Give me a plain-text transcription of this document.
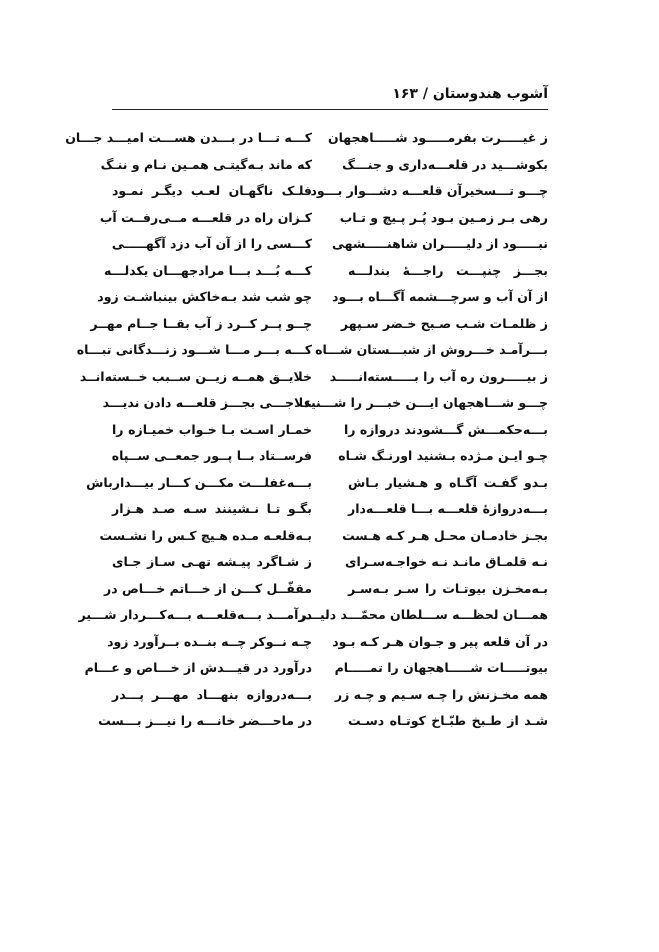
آشوب هندوستان / ۱۶۳
ز غیـــــرت بفرمـــــود شـــــاهجهان
کـــه تـــا در بـــدن هســـت امیـــد جـــان
بکوشـــید در قلعـــه‌داری و جنـــگ
که ماند بـه‌گیتـی همـین نـام و ننـگ
چـــو تـــسخیرآن قلعـــه دشـــوار بـــود
فلـک ناگهـان لعـب دیگـر نمـود
رهی بـر زمـین بـود پُـر پـیچ و تـاب
کـزان راه در قلعـــه مــی‌رفــت آب
نبـــــود از دلیـــــران شاهنـــــشهی
کـــسی را از آن آب دزد آگهـــــی
بجـــز چنپـــت راجـــهٔ بندلـــه
کـــه بُـــد بـــا مرادجهـــان یکدلـــه
از آن آب و سرچـــشمه آگـــاه بـــود
چو شب شد بـه‌خاکش بینباشـت زود
ز ظلمـات شـب صـبح خـضر سـپهر
چــو پــر کــرد ز آب بقــا جــام مهــر
بـــرآمـد خـــروش از شبـــستان شـــاه
کـــه بـــر مـــا شـــود زنـــدگانی تبـــاه
ز بیـــــرون ره آب را بـــــسته‌انـــــد
خلایــق همــه زیــن ســبب خــسته‌انــد
چـــو شـــاهجهان ایـــن خبـــر را شـــنید
علاجـــی بجـــز قلعـــه دادن ندیـــد
بـــه‌حکمـــش گـــشودند دروازه را
خمـار اسـت بـا خـواب خمیـازه را
چـو ایـن مـژده بـشنید اورنـگ شـاه
فرســتاد بــا پــور جمعــی ســپاه
بـدو گفـت آگـاه و هـشیار بـاش
بـــه‌غفلـــت مکـــن کـــار بیـــدارباش
بـــه‌دروازهٔ قلعـــه بـــا قلعـــه‌دار
بگـو تـا نـشینند سـه صـد هـزار
بجـز خادمـان محـل هـر کـه هـست
بـه‌قلعـه مـده هـیچ کـس را نشـست
نـه قلمـاق مانـد نـه خواجـه‌سـرای
ز شـاگرد پیـشه تهـی سـاز جـای
بـه‌مخـزن بیوتـات را سـر بـه‌سـر
مقفّــل کـــن از خـــاتم خـــاص در
همـــان لحظـــه ســـلطان محمّـــد دلیـــر
درآمـــد بـــه‌قلعـــه بـــه‌کـــردار شـــیر
در آن قلعه پیر و جـوان هـر کـه بـود
چـه نــوکر چــه بنــده بــرآورد زود
بیوتـــــات شـــــاهجهان را تمـــــام
درآورد در قیـــدش از خـــاص و عـــام
همه مخـزنش را چـه سـیم و چـه زر
بـــه‌دروازه بنهـــاد مهـــر پـــدر
شـد از طـبخ طبّـاخ کوتـاه دسـت
در ماحـــضر خانـــه را نیـــز بـــست
